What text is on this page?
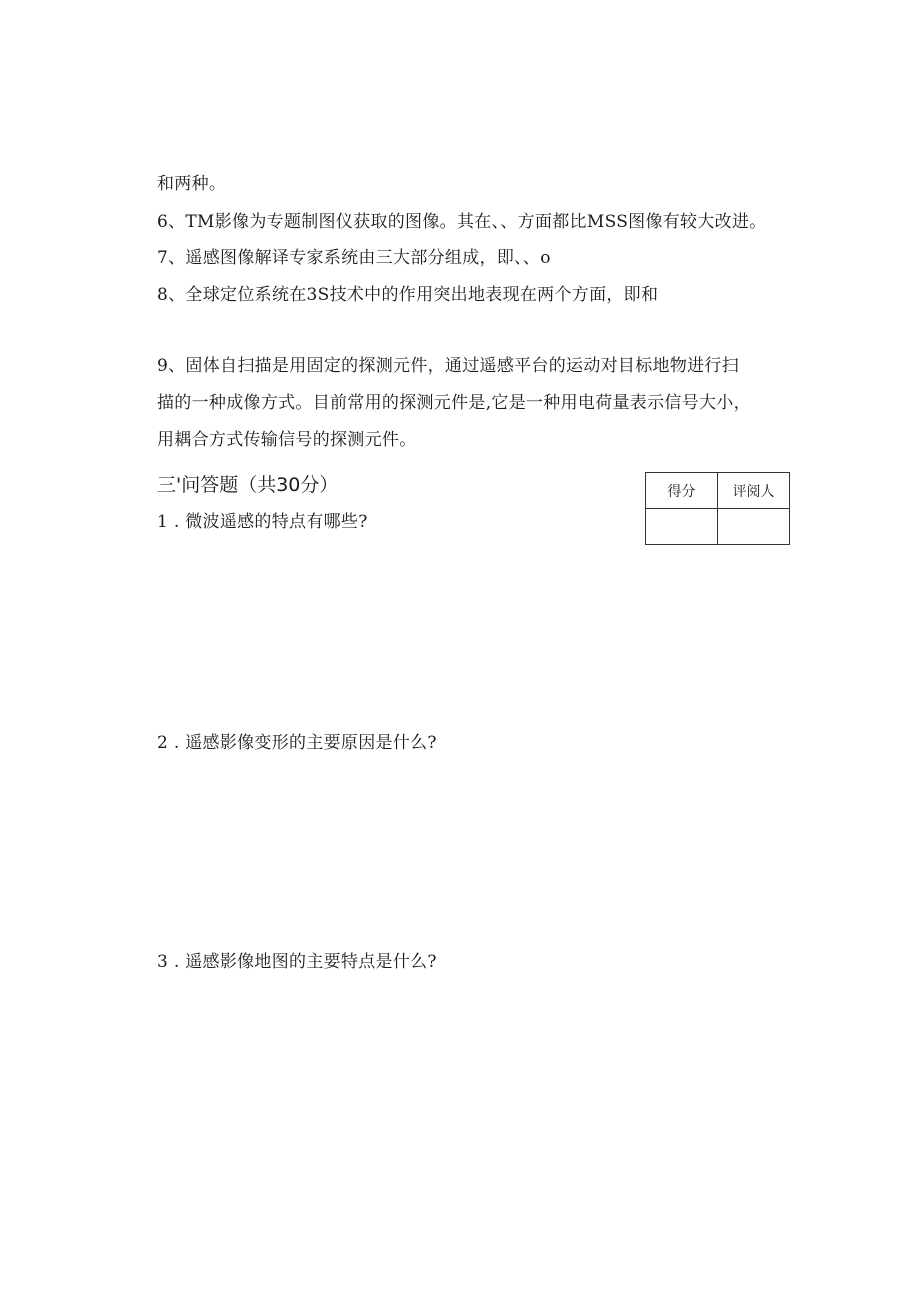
和两种。
6、TM影像为专题制图仪获取的图像。其在、、方面都比MSS图像有较大改进。
7、遥感图像解译专家系统由三大部分组成，即、、o
8、全球定位系统在3S技术中的作用突出地表现在两个方面，即和
9、固体自扫描是用固定的探测元件，通过遥感平台的运动对目标地物进行扫
描的一种成像方式。目前常用的探测元件是,它是一种用电荷量表示信号大小，
用耦合方式传输信号的探测元件。
三'问答题（共30分）	得分	评阅人

1 . 微波遥感的特点有哪些?
2 . 遥感影像变形的主要原因是什么?
3 . 遥感影像地图的主要特点是什么?
